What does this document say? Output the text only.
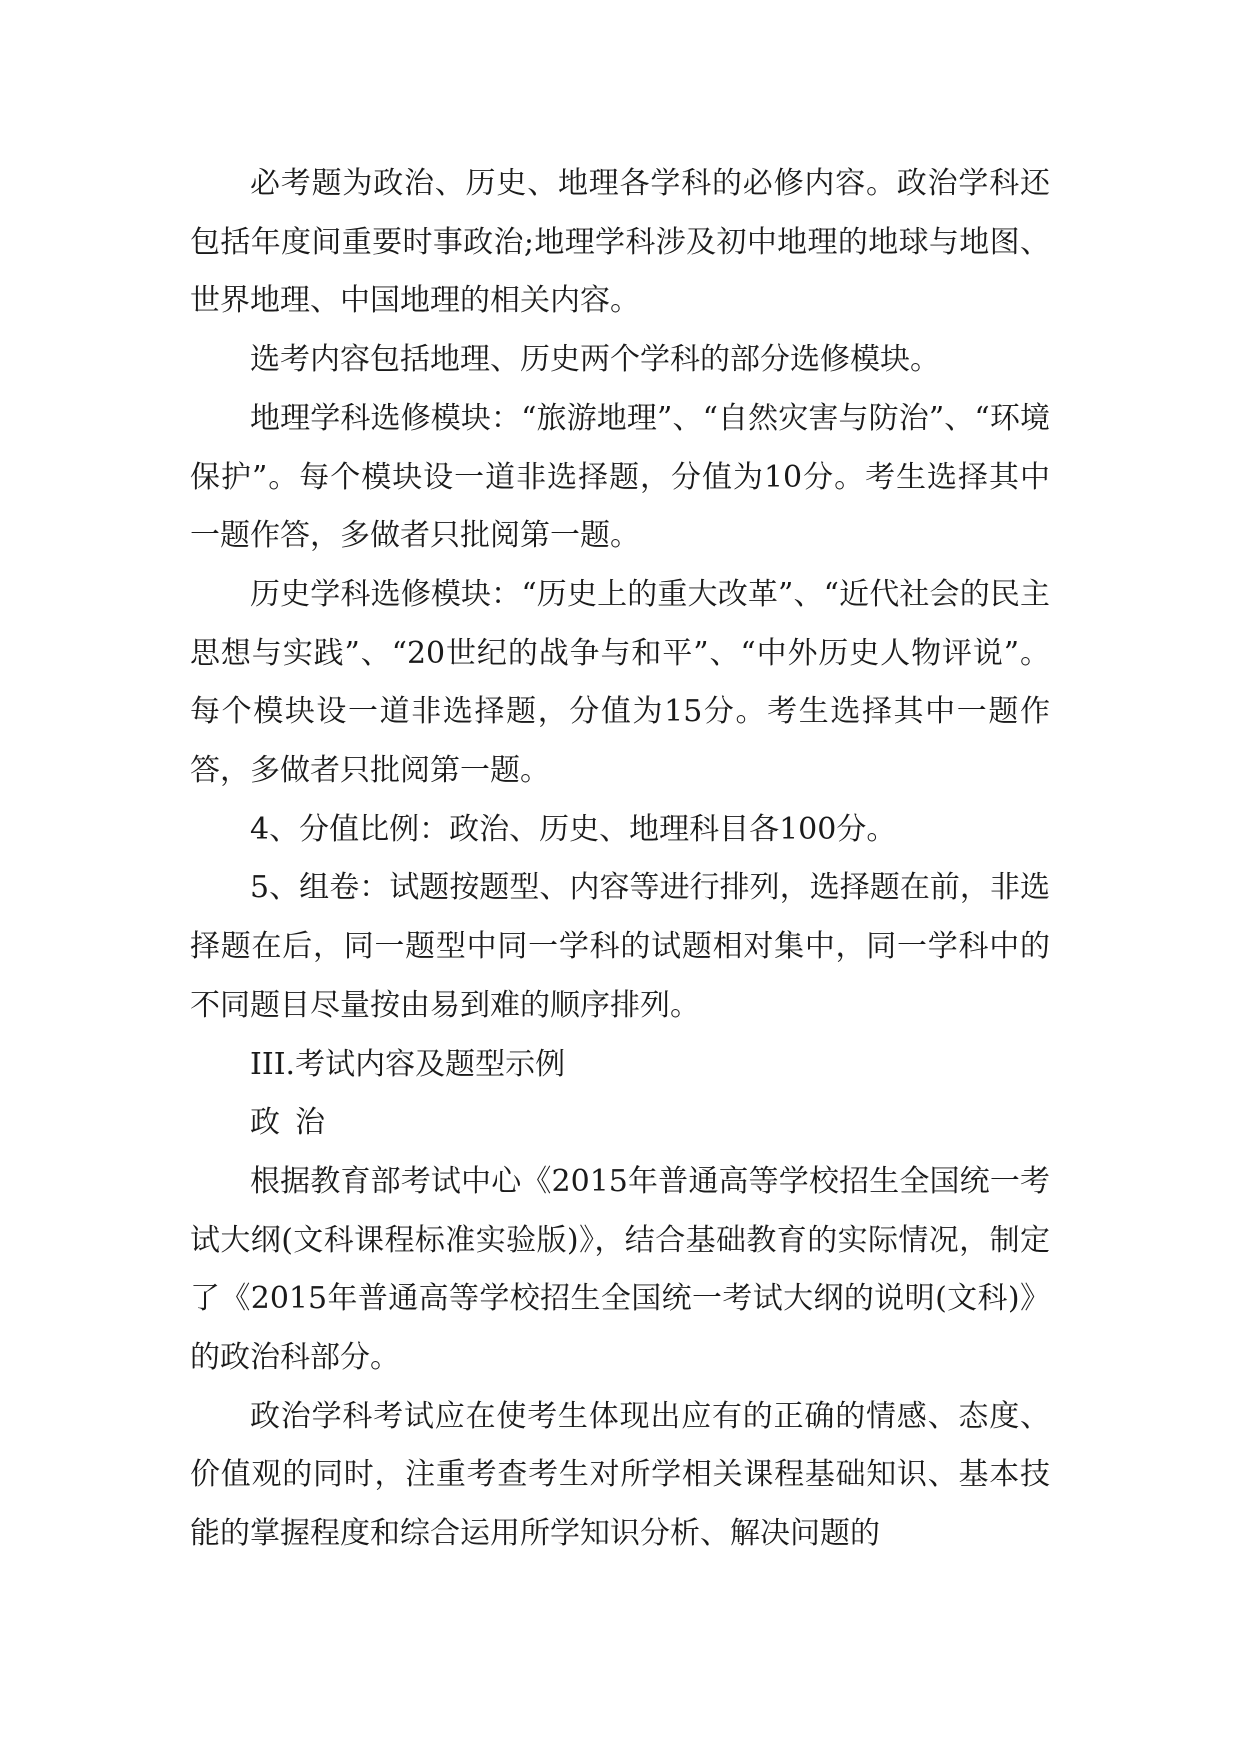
必考题为政治、历史、地理各学科的必修内容。政治学科还包括年度间重要时事政治;地理学科涉及初中地理的地球与地图、世界地理、中国地理的相关内容。

选考内容包括地理、历史两个学科的部分选修模块。

地理学科选修模块：“旅游地理”、“自然灾害与防治”、“环境保护”。每个模块设一道非选择题，分值为10分。考生选择其中一题作答，多做者只批阅第一题。

历史学科选修模块：“历史上的重大改革”、“近代社会的民主思想与实践”、“20世纪的战争与和平”、“中外历史人物评说”。每个模块设一道非选择题，分值为15分。考生选择其中一题作答，多做者只批阅第一题。

4、分值比例：政治、历史、地理科目各100分。

5、组卷：试题按题型、内容等进行排列，选择题在前，非选择题在后，同一题型中同一学科的试题相对集中，同一学科中的不同题目尽量按由易到难的顺序排列。

III.考试内容及题型示例

政治

根据教育部考试中心《2015年普通高等学校招生全国统一考试大纲(文科课程标准实验版)》，结合基础教育的实际情况，制定了《2015年普通高等学校招生全国统一考试大纲的说明(文科)》的政治科部分。

政治学科考试应在使考生体现出应有的正确的情感、态度、价值观的同时，注重考查考生对所学相关课程基础知识、基本技能的掌握程度和综合运用所学知识分析、解决问题的
